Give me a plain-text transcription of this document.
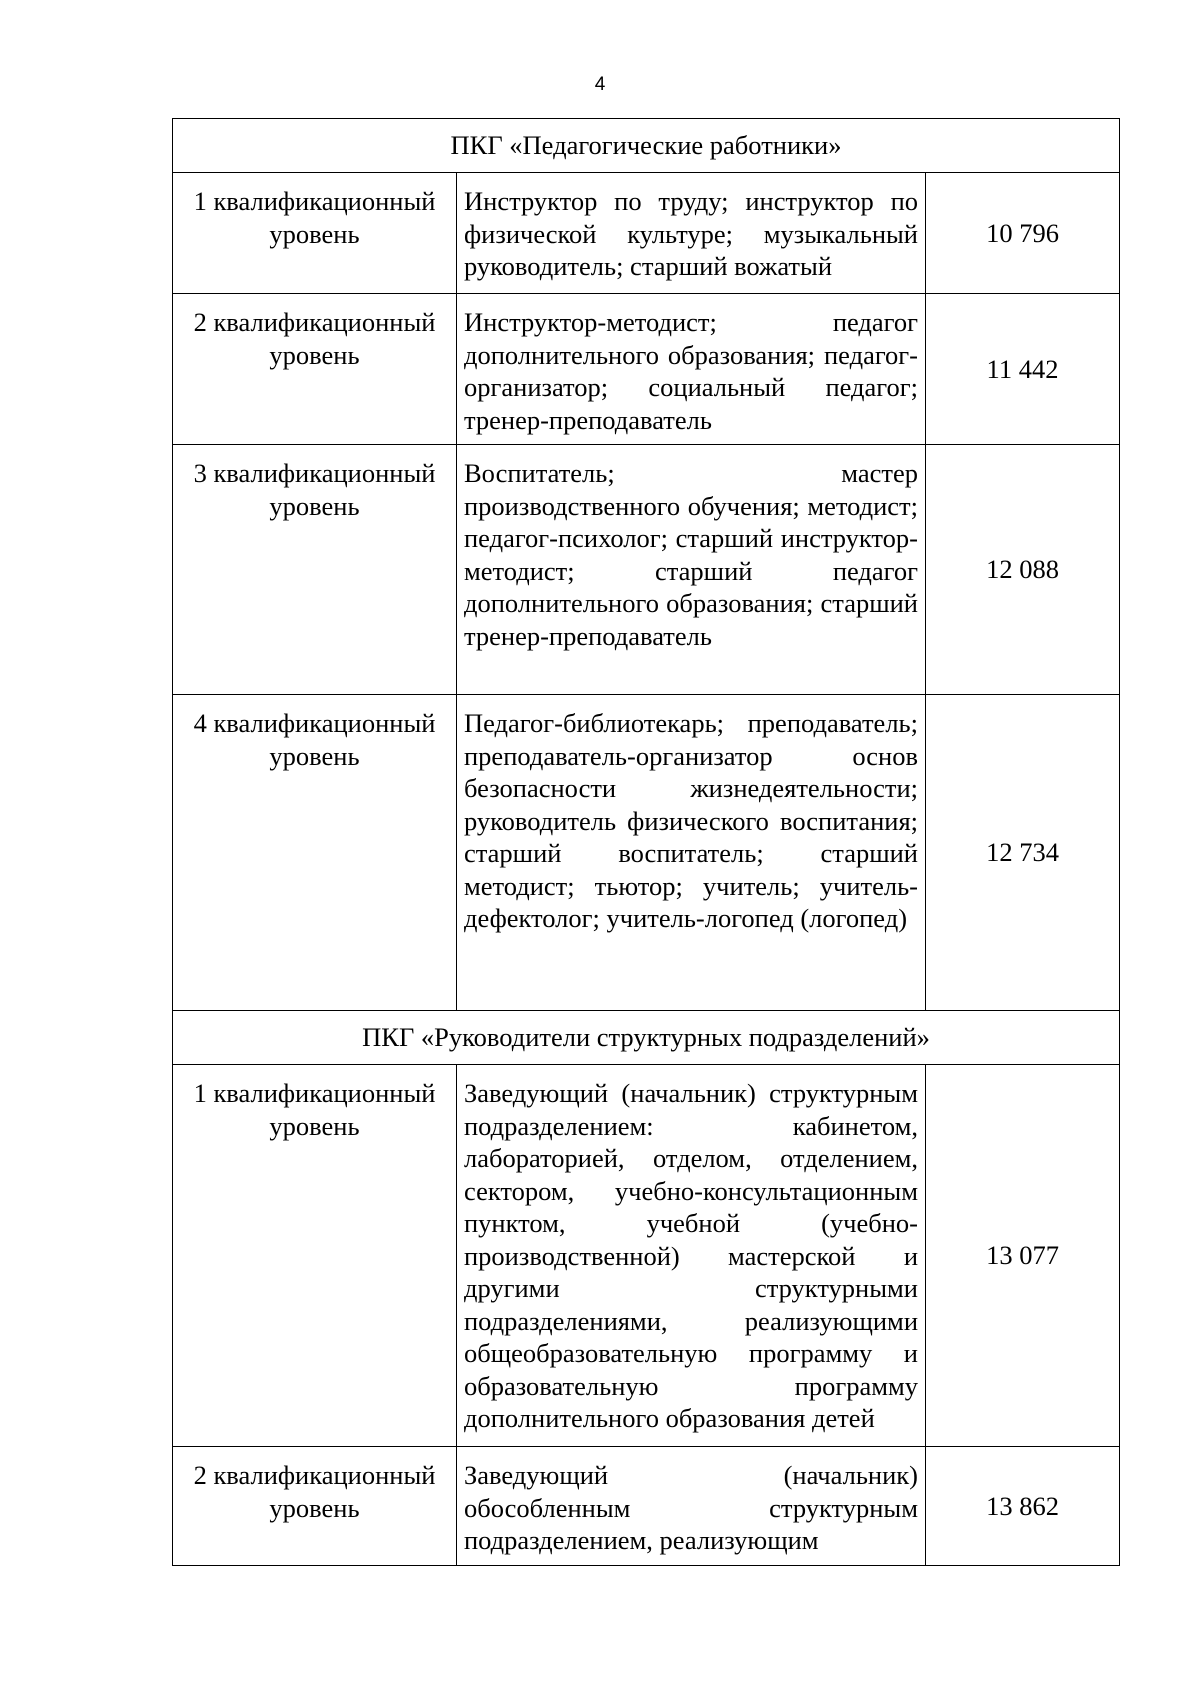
4
ПКГ «Педагогические работники»		
1 квалификационный уровень	Инструктор по труду; инструктор по физической культуре; музыкальный руководитель; старший вожатый	10 796
2 квалификационный уровень	Инструктор-методист; педагог дополнительного образования; педагог-организатор; социальный педагог; тренер-преподаватель	11 442
3 квалификационный уровень	Воспитатель; мастер производственного обучения; методист; педагог-психолог; старший инструктор-методист; старший педагог дополнительного образования; старший тренер-преподаватель	12 088
4 квалификационный уровень	Педагог-библиотекарь; преподаватель; преподаватель-организатор основ безопасности жизнедеятельности; руководитель физического воспитания; старший воспитатель; старший методист; тьютор; учитель; учитель-дефектолог; учитель-логопед (логопед)	12 734
ПКГ «Руководители структурных подразделений»		
1 квалификационный уровень	Заведующий (начальник) структурным подразделением: кабинетом, лабораторией, отделом, отделением, сектором, учебно-консультационным пунктом, учебной (учебно-производственной) мастерской и другими структурными подразделениями, реализующими общеобразовательную программу и образовательную программу дополнительного образования детей	13 077
2 квалификационный уровень	Заведующий (начальник) обособленным структурным подразделением, реализующим	13 862
